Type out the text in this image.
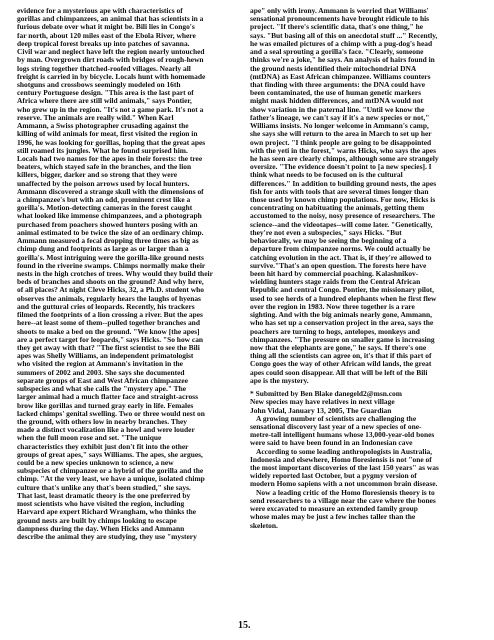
evidence for a mysterious ape with characteristics of

gorillas and chimpanzees, an animal that has scientists in a

furious debate over what it might be. Bili lies in Congo's

far north, about 120 miles east of the Ebola River, where

deep tropical forest breaks up into patches of savanna.

Civil war and neglect have left the region nearly untouched

by man. Overgrown dirt roads with bridges of rough-hewn

logs string together thatched-roofed villages. Nearly all

freight is carried in by bicycle. Locals hunt with homemade

shotguns and crossbows seemingly modeled on 16th

century Portuguese design. "This area is the last part of

Africa where there are still wild animals," says Pontier,

who grew up in the region. "It's not a game park. It's not a

reserve. The animals are really wild." When Karl

Ammann, a Swiss photographer crusading against the

killing of wild animals for meat, first visited the region in

1996, he was looking for gorillas, hoping that the great apes

still roamed its jungles. What he found surprised him.

Locals had two names for the apes in their forests: the tree

beaters, which stayed safe in the branches, and the lion

killers, bigger, darker and so strong that they were

unaffected by the poison arrows used by local hunters.

Ammann discovered a strange skull with the dimensions of

a chimpanzee's but with an odd, prominent crest like a

gorilla's. Motion-detecting cameras in the forest caught

what looked like immense chimpanzees, and a photograph

purchased from poachers showed hunters posing with an

animal estimated to be twice the size of an ordinary chimp.

Ammann measured a fecal dropping three times as big as

chimp dung and footprints as large as or larger than a

gorilla's. Most intriguing were the gorilla-like ground nests

found in the riverine swamps. Chimps normally make their

nests in the high crotches of trees. Why would they build their

beds of branches and shoots on the ground? And why here,

of all places? At night Cleve Hicks, 32, a Ph.D. student who

observes the animals, regularly hears the laughs of hyenas

and the guttural cries of leopards. Recently, his trackers

filmed the footprints of a lion crossing a river. But the apes

here--at least some of them--pulled together branches and

shoots to make a bed on the ground. "We know [the apes]

are a perfect target for leopards," says Hicks. "So how can

they get away with that? "The first scientist to see the Bili

apes was Shelly Williams, an independent primatologist

who visited the region at Ammann's invitation in the

summers of 2002 and 2003. She says she documented

separate groups of East and West African chimpanzee

subspecies and what she calls the "mystery ape." The

larger animal had a much flatter face and straight-across

brow like gorillas and turned gray early in life. Females

lacked chimps' genital swelling. Two or three would nest on

the ground, with others low in nearby branches. They

made a distinct vocalization like a howl and were louder

when the full moon rose and set. "The unique

characteristics they exhibit just don't fit into the other

groups of great apes," says Williams. The apes, she argues,

could be a new species unknown to science, a new

subspecies of chimpanzee or a hybrid of the gorilla and the

chimp. "At the very least, we have a unique, isolated chimp

culture that's unlike any that's been studied," she says.

That last, least dramatic theory is the one preferred by

most scientists who have visited the region, including

Harvard ape expert Richard Wrangham, who thinks the

ground nests are built by chimps looking to escape

dampness during the day. When Hicks and Ammann

describe the animal they are studying, they use "mystery

ape" only with irony. Ammann is worried that Williams'

sensational pronouncements have brought ridicule to his

project. "If there's scientific data, that's one thing," he

says. "But basing all of this on anecdotal stuff ..." Recently,

he was emailed pictures of a chimp with a pug-dog's head

and a seal sprouting a gorilla's face. "Clearly, someone

thinks we're a joke," he says. An analysis of hairs found in

the ground nests identified their mitochondrial DNA

(mtDNA) as East African chimpanzee. Williams counters

that finding with three arguments: the DNA could have

been contaminated, the use of human genetic markers

might mask hidden differences, and mtDNA would not

show variation in the paternal line. "Until we know the

father's lineage, we can't say if it's a new species or not,"

Williams insists. No longer welcome in Ammann's camp,

she says she will return to the area in March to set up her

own project. "I think people are going to be disappointed

with the yeti in the forest," warns Hicks, who says the apes

he has seen are clearly chimps, although some are strangely

oversize. "The evidence doesn't point to [a new species]. I

think what needs to be focused on is the cultural

differences." In addition to building ground nests, the apes

fish for ants with tools that are several times longer than

those used by known chimp populations. For now, Hicks is

concentrating on habituating the animals, getting them

accustomed to the noisy, nosy presence of researchers. The

science--and the videotapes--will come later. "Genetically,

they're not even a subspecies," says Hicks. "But

behaviorally, we may be seeing the beginning of a

departure from chimpanzee norms. We could actually be

catching evolution in the act. That is, if they're allowed to

survive."That's an open question. The forests here have

been hit hard by commercial poaching. Kalashnikov-

wielding hunters stage raids from the Central African

Republic and central Congo. Pontier, the missionary pilot,

used to see herds of a hundred elephants when he first flew

over the region in 1983. Now three together is a rare

sighting. And with the big animals nearly gone, Ammann,

who has set up a conservation project in the area, says the

poachers are turning to hogs, antelopes, monkeys and

chimpanzees. "The pressure on smaller game is increasing

now that the elephants are gone," he says. If there's one

thing all the scientists can agree on, it's that if this part of

Congo goes the way of other African wild lands, the great

apes could soon disappear. All that will be left of the Bili

ape is the mystery.

* Submitted by Ben Blake danegeld2@msn.com

New species may have relatives in next village

John Vidal, January 13, 2005, The Guardian

A growing number of scientists are challenging the

sensational discovery last year of a new species of one-

metre-tall intelligent humans whose 13,000-year-old bones

were said to have been found in an Indonesian cave

According to some leading anthropologists in Australia,

Indonesia and elsewhere, Homo floresiensis is not "one of

the most important discoveries of the last 150 years" as was

widely reported last October, but a pygmy version of

modern Homo sapiens with a not uncommon brain disease.

Now a leading critic of the Homo floresiensis theory is to

send researchers to a village near the cave where the bones

were excavated to measure an extended family group

whose males may be just a few inches taller than the

skeleton.

15.
